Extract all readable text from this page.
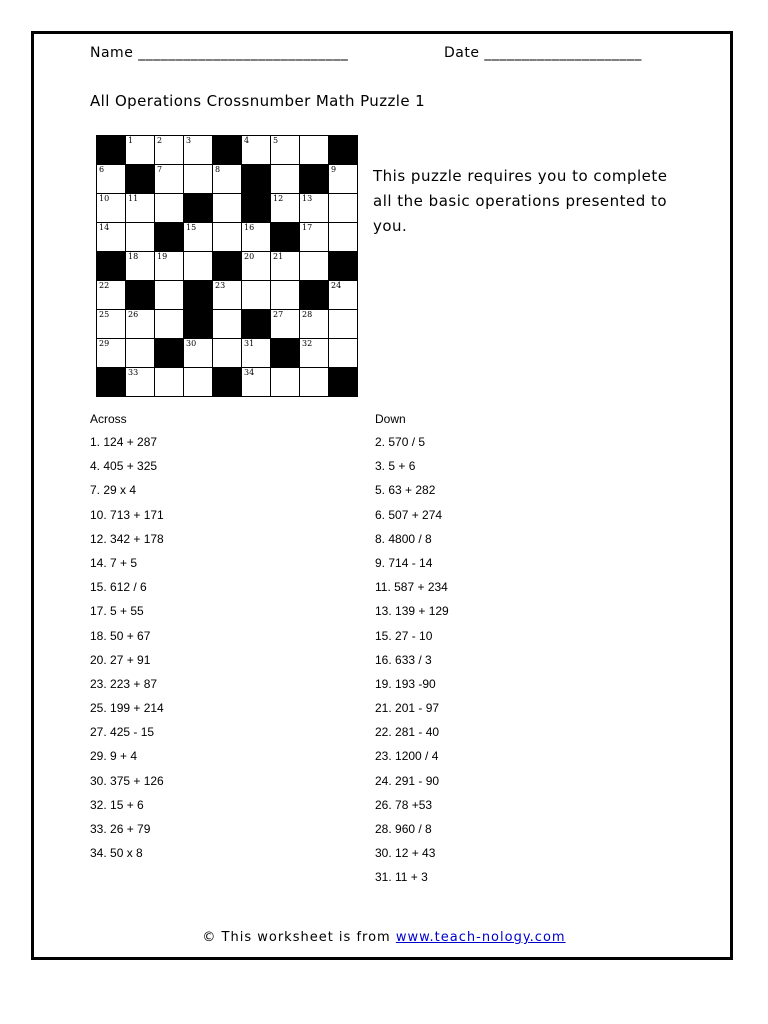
Name ____________________________	Date _____________________
All Operations Crossnumber Math Puzzle 1
1	2	3	4	5
6	7	8	9
10 11	12 13
14	15	16	17
18 19	20 21
22	23	24
25 26	27 28
29	30	31	32
33	34
This puzzle requires you to complete all the basic operations presented to you.
Across
1. 124 + 287
4. 405 + 325
7. 29 x 4
10. 713 + 171
12. 342 + 178
14. 7 + 5
15. 612 / 6
17. 5 + 55
18. 50 + 67
20. 27 + 91
23. 223 + 87
25. 199 + 214
27. 425 - 15
29. 9 + 4
30. 375 + 126
32. 15 + 6
33. 26 + 79
34. 50 x 8
Down
2. 570 / 5
3. 5 + 6
5. 63 + 282
6. 507 + 274
8. 4800 / 8
9. 714 - 14
11. 587 + 234
13. 139 + 129
15. 27 - 10
16. 633 / 3
19. 193 -90
21. 201 - 97
22. 281 - 40
23. 1200 / 4
24. 291 - 90
26. 78 +53
28. 960 / 8
30. 12 + 43
31. 11 + 3
© This worksheet is from www.teach-nology.com
